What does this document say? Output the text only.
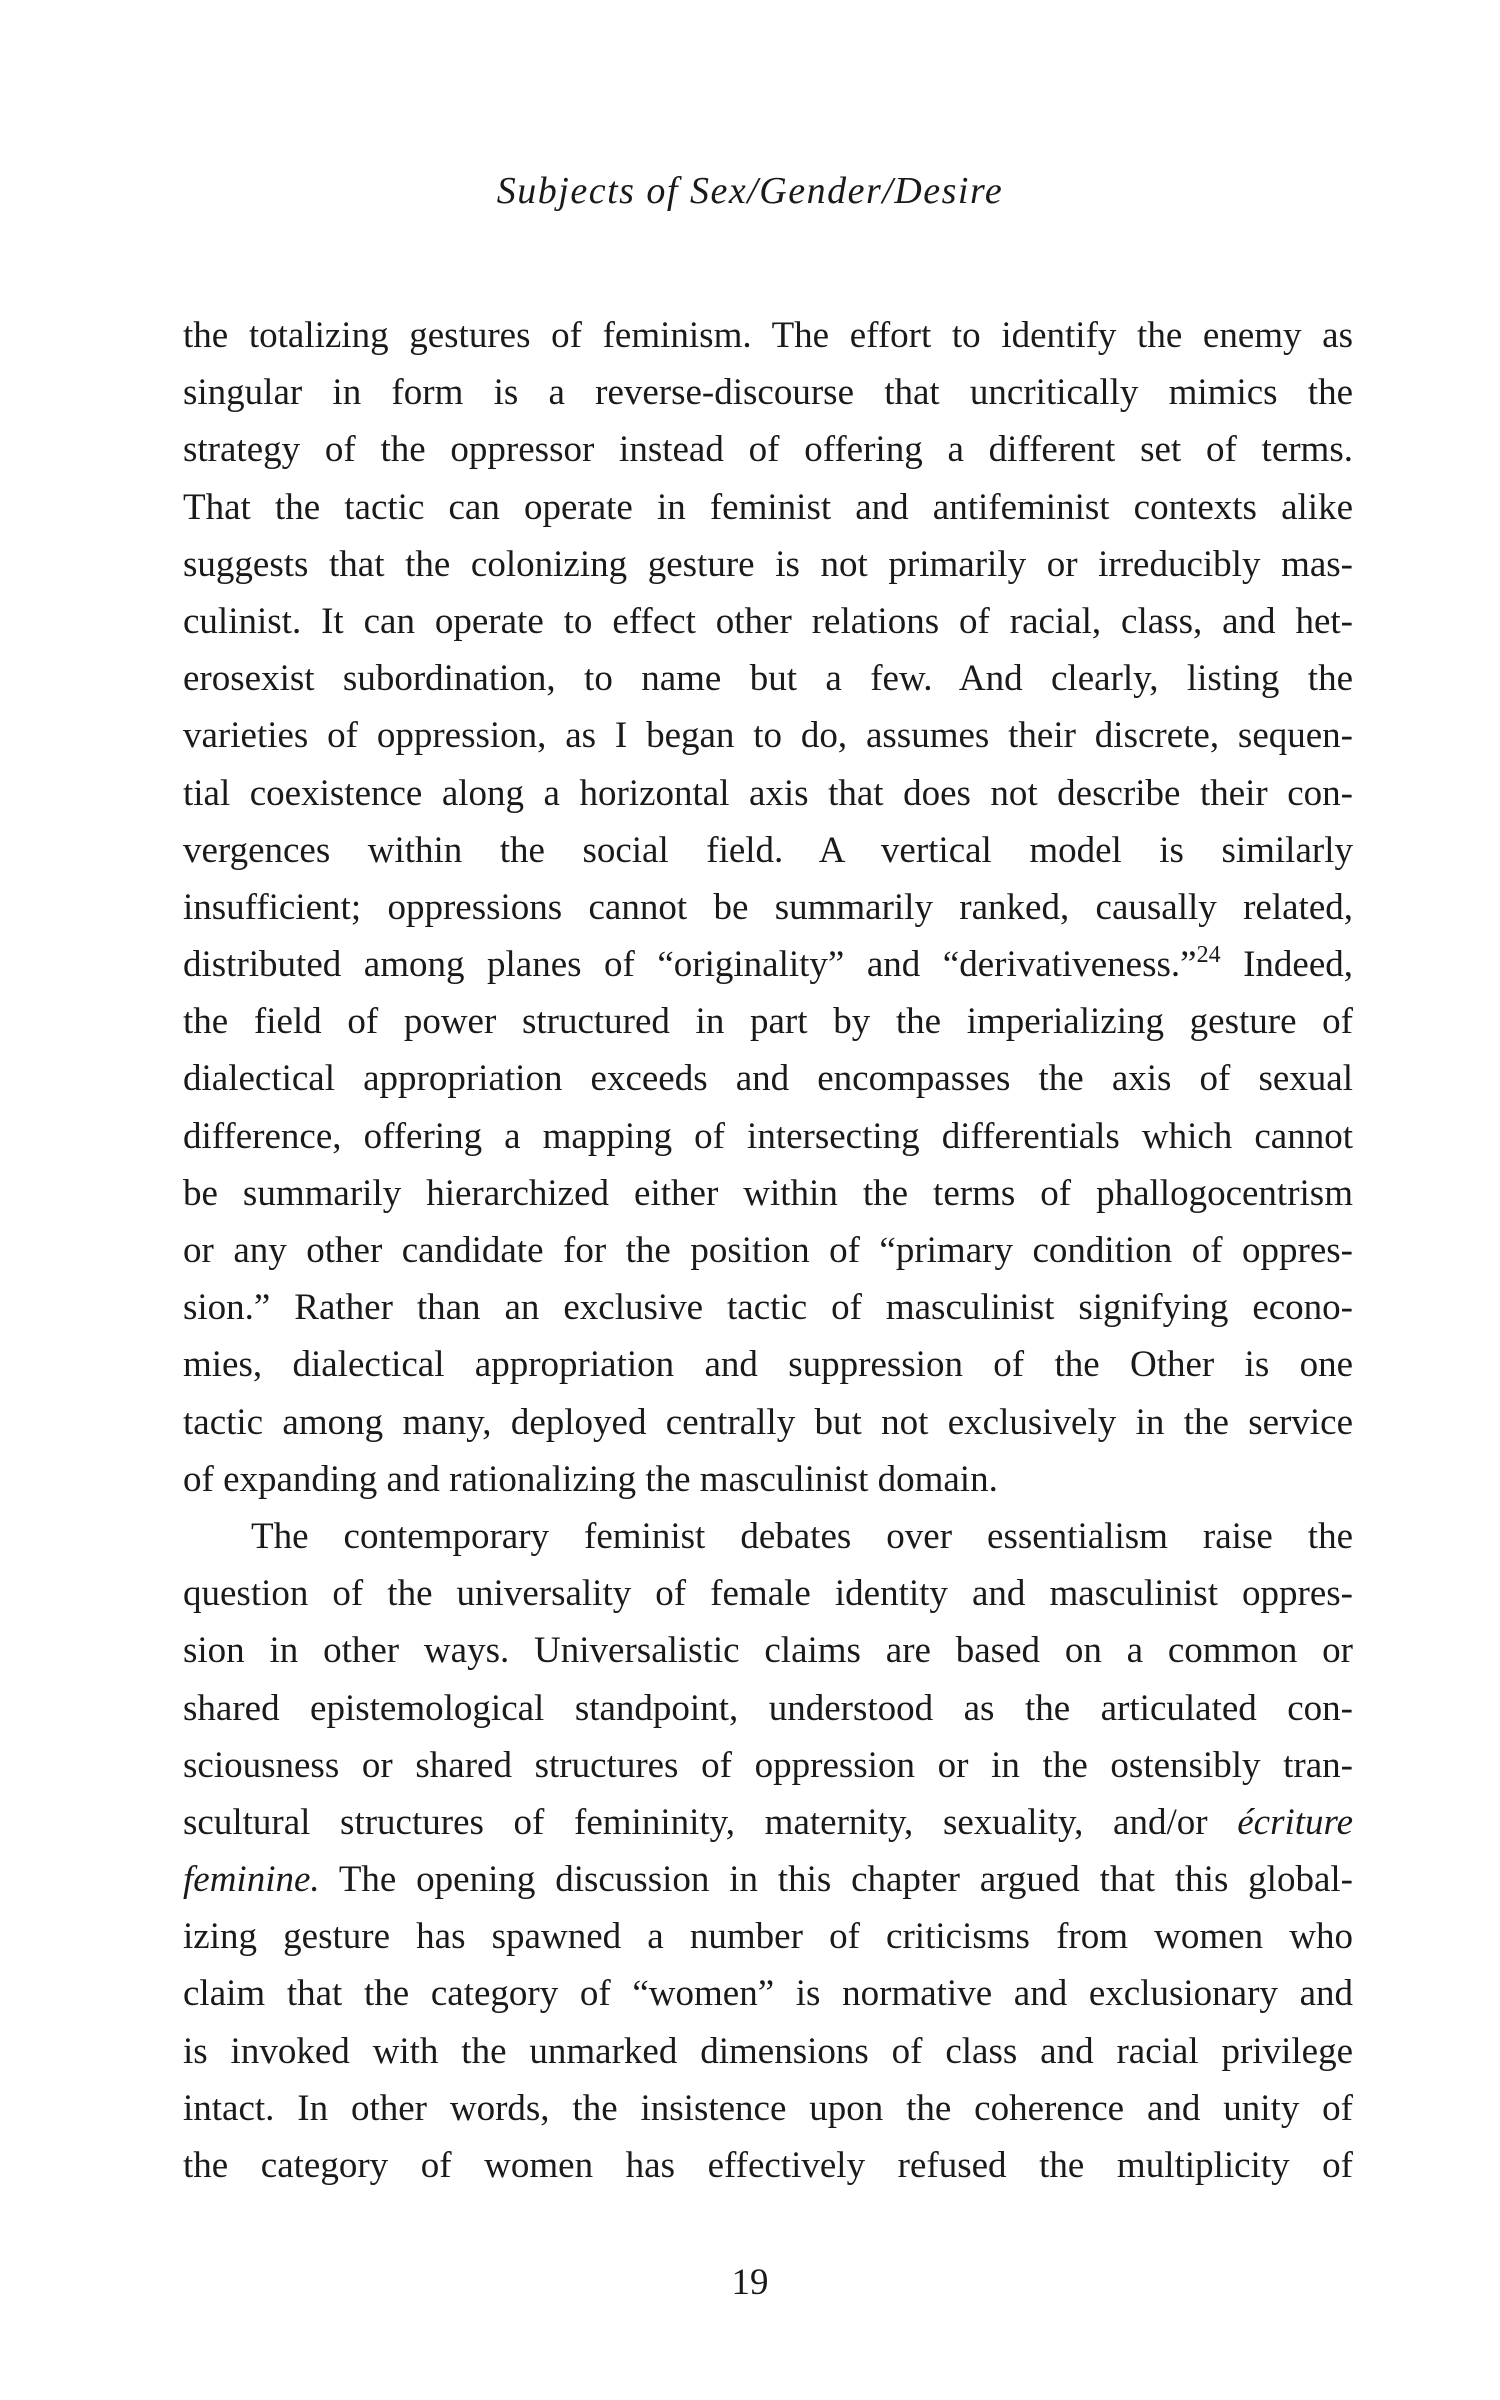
Subjects of Sex/Gender/Desire
the totalizing gestures of feminism. The effort to identify the enemy as
singular in form is a reverse-discourse that uncritically mimics the
strategy of the oppressor instead of offering a different set of terms.
That the tactic can operate in feminist and antifeminist contexts alike
suggests that the colonizing gesture is not primarily or irreducibly mas-
culinist. It can operate to effect other relations of racial, class, and het-
erosexist subordination, to name but a few. And clearly, listing the
varieties of oppression, as I began to do, assumes their discrete, sequen-
tial coexistence along a horizontal axis that does not describe their con-
vergences within the social field. A vertical model is similarly
insufficient; oppressions cannot be summarily ranked, causally related,
distributed among planes of “originality” and “derivativeness.”$^{24}$ Indeed,
the field of power structured in part by the imperializing gesture of
dialectical appropriation exceeds and encompasses the axis of sexual
difference, offering a mapping of intersecting differentials which cannot
be summarily hierarchized either within the terms of phallogocentrism
or any other candidate for the position of “primary condition of oppres-
sion.” Rather than an exclusive tactic of masculinist signifying econo-
mies, dialectical appropriation and suppression of the Other is one
tactic among many, deployed centrally but not exclusively in the service
of expanding and rationalizing the masculinist domain.
The contemporary feminist debates over essentialism raise the
question of the universality of female identity and masculinist oppres-
sion in other ways. Universalistic claims are based on a common or
shared epistemological standpoint, understood as the articulated con-
sciousness or shared structures of oppression or in the ostensibly tran-
scultural structures of femininity, maternity, sexuality, and/or écriture
feminine. The opening discussion in this chapter argued that this global-
izing gesture has spawned a number of criticisms from women who
claim that the category of “women” is normative and exclusionary and
is invoked with the unmarked dimensions of class and racial privilege
intact. In other words, the insistence upon the coherence and unity of
the category of women has effectively refused the multiplicity of
19
